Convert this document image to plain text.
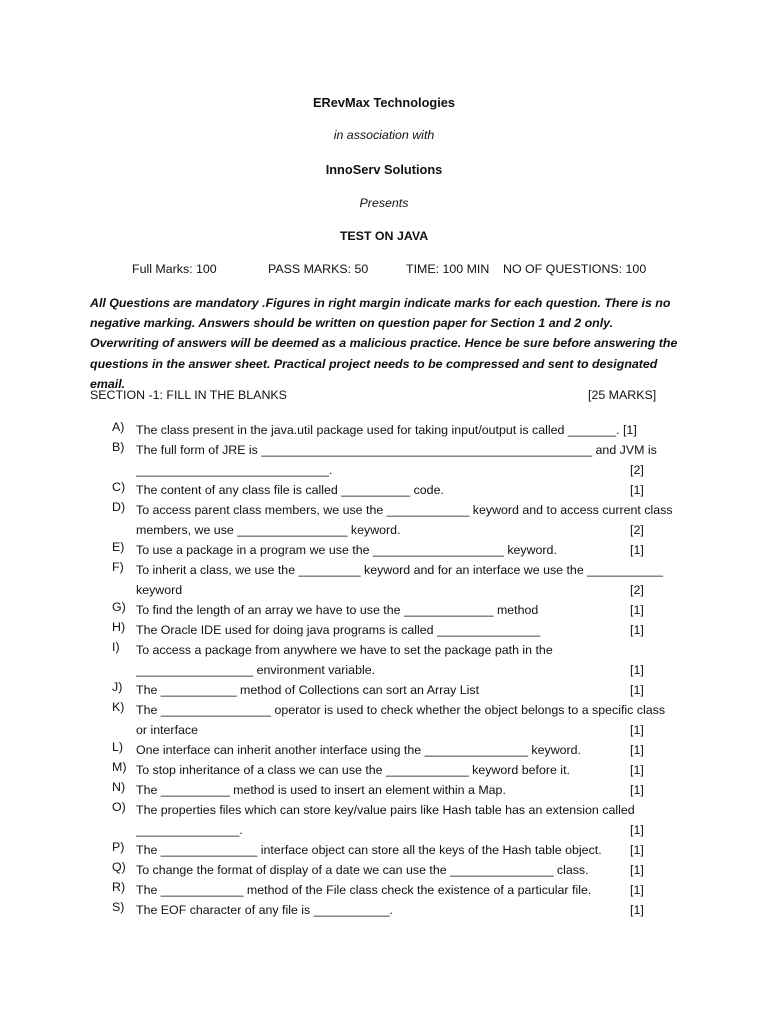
ERevMax Technologies
in association with
InnoServ Solutions
Presents
TEST ON JAVA
Full Marks: 100	PASS MARKS: 50	TIME: 100 MIN NO OF QUESTIONS: 100
All Questions are mandatory .Figures in right margin indicate marks for each question. There is no negative marking. Answers should be written on question paper for Section 1 and 2 only. Overwriting of answers will be deemed as a malicious practice. Hence be sure before answering the questions in the answer sheet. Practical project needs to be compressed and sent to designated email.
SECTION -1: FILL IN THE BLANKS	[25 MARKS]
A) The class present in the java.util package used for taking input/output is called _______. [1]
B) The full form of JRE is ________________________________________________ and JVM is
____________________________.	[2]
C) The content of any class file is called __________ code.	[1]
D) To access parent class members, we use the ____________ keyword and to access current class
members, we use ________________ keyword.	[2]
E) To use a package in a program we use the ___________________ keyword.	[1]
F) To inherit a class, we use the _________ keyword and for an interface we use the ___________
keyword	[2]
G) To find the length of an array we have to use the _____________ method	[1]
H) The Oracle IDE used for doing java programs is called _______________	[1]
I) To access a package from anywhere we have to set the package path in the
_________________ environment variable.	[1]
J) The ___________ method of Collections can sort an Array List	[1]
K) The ________________ operator is used to check whether the object belongs to a specific class
or interface	[1]
L) One interface can inherit another interface using the _______________ keyword.	[1]
M) To stop inheritance of a class we can use the ____________ keyword before it.	[1]
N) The __________ method is used to insert an element within a Map.	[1]
O) The properties files which can store key/value pairs like Hash table has an extension called
_______________.	[1]
P) The ______________ interface object can store all the keys of the Hash table object.	[1]
Q) To change the format of display of a date we can use the _______________ class.	[1]
R) The ____________ method of the File class check the existence of a particular file.	[1]
S) The EOF character of any file is ___________.	[1]
